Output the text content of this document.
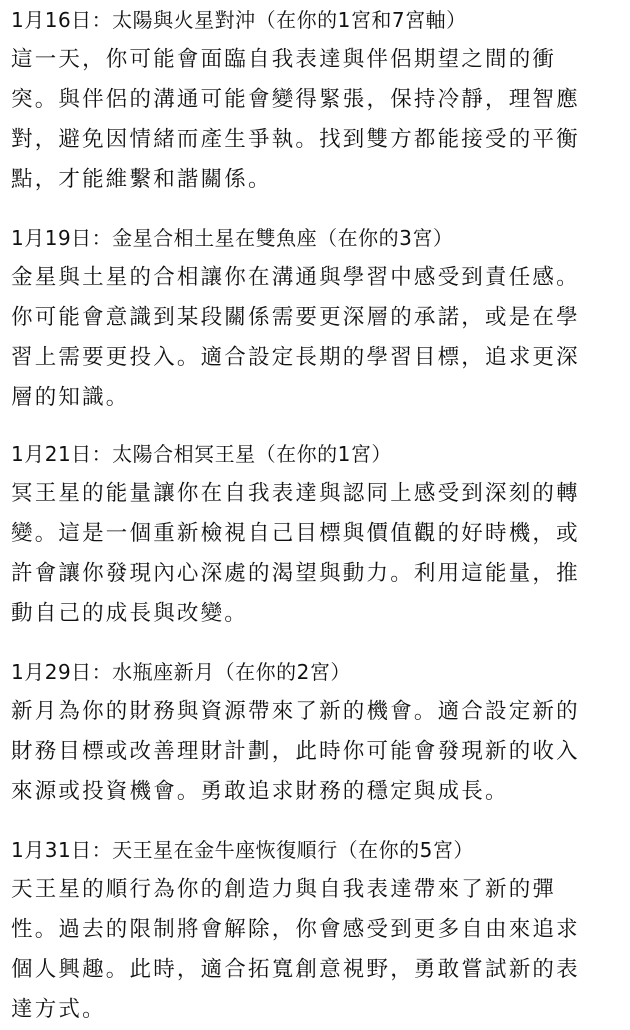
1月16日：太陽與火星對沖（在你的1宮和7宮軸）
這一天，你可能會面臨自我表達與伴侶期望之間的衝
突。與伴侶的溝通可能會變得緊張，保持冷靜，理智應
對，避免因情緒而產生爭執。找到雙方都能接受的平衡
點，才能維繫和諧關係。
1月19日：金星合相土星在雙魚座（在你的3宮）
金星與土星的合相讓你在溝通與學習中感受到責任感。
你可能會意識到某段關係需要更深層的承諾，或是在學
習上需要更投入。適合設定長期的學習目標，追求更深
層的知識。
1月21日：太陽合相冥王星（在你的1宮）
冥王星的能量讓你在自我表達與認同上感受到深刻的轉
變。這是一個重新檢視自己目標與價值觀的好時機，或
許會讓你發現內心深處的渴望與動力。利用這能量，推
動自己的成長與改變。
1月29日：水瓶座新月（在你的2宮）
新月為你的財務與資源帶來了新的機會。適合設定新的
財務目標或改善理財計劃，此時你可能會發現新的收入
來源或投資機會。勇敢追求財務的穩定與成長。
1月31日：天王星在金牛座恢復順行（在你的5宮）
天王星的順行為你的創造力與自我表達帶來了新的彈
性。過去的限制將會解除，你會感受到更多自由來追求
個人興趣。此時，適合拓寬創意視野，勇敢嘗試新的表
達方式。
